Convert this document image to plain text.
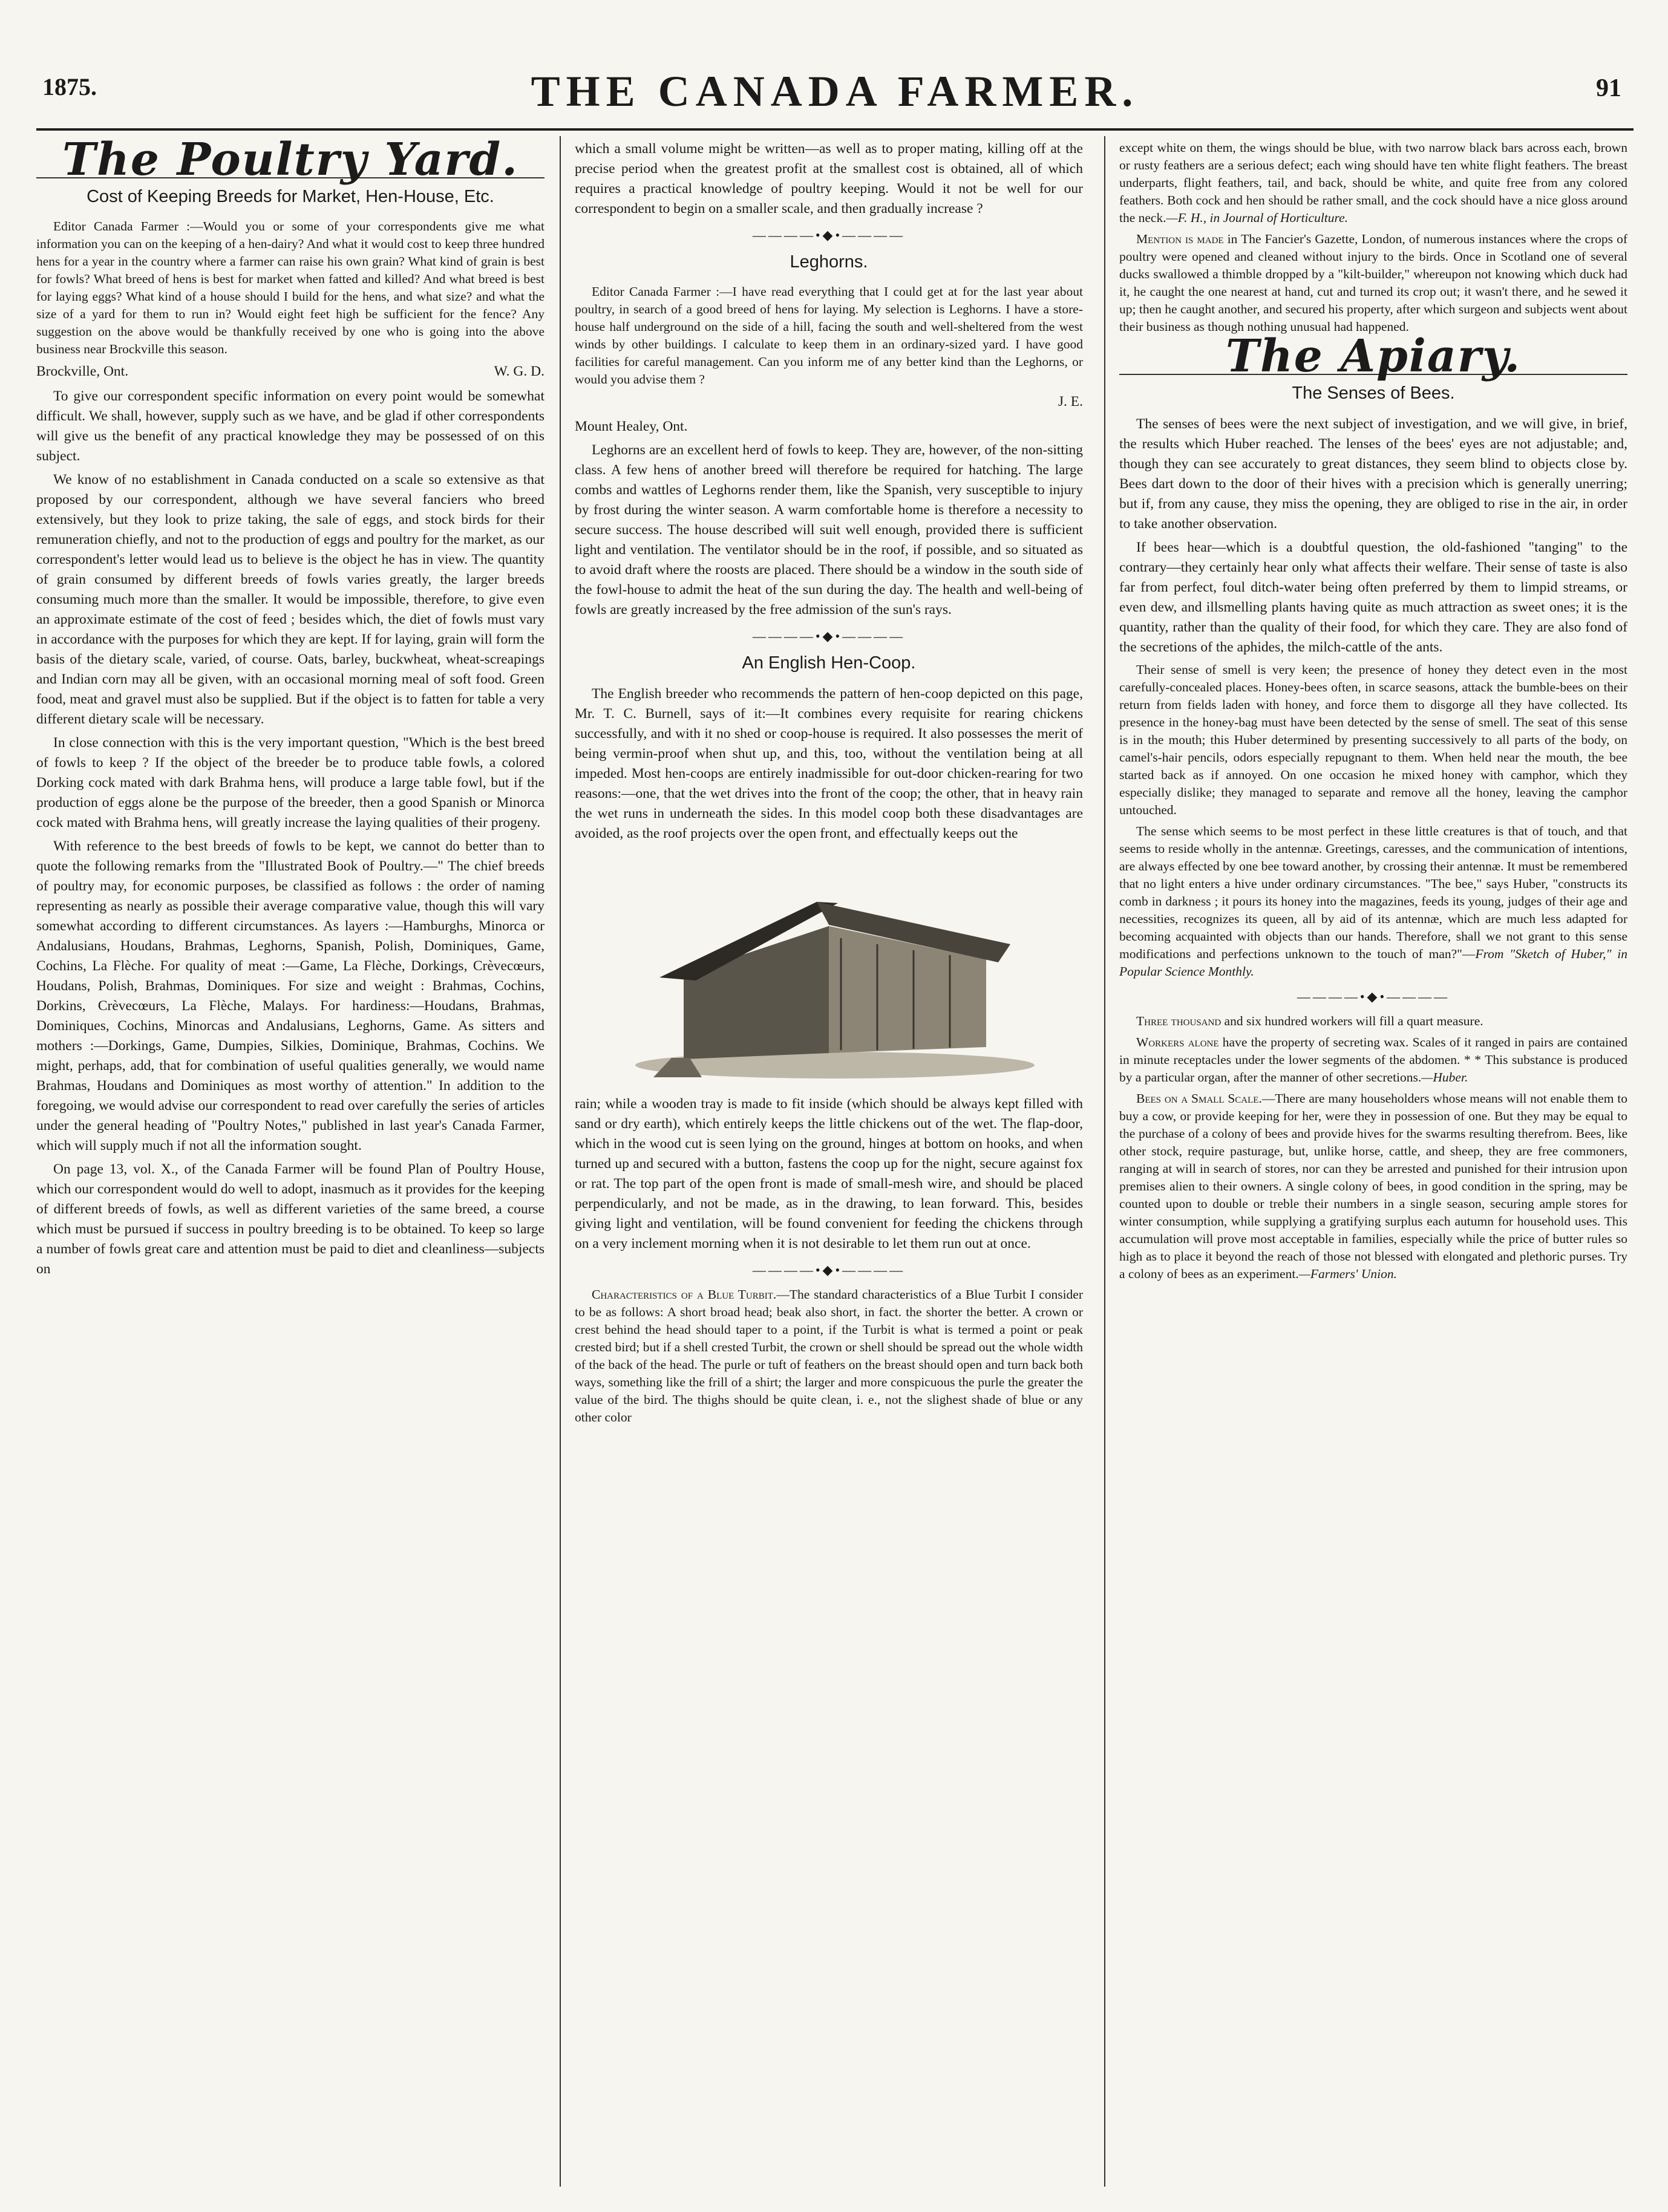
1875.	THE CANADA FARMER.	91
The Poultry Yard.
Cost of Keeping Breeds for Market, Hen-House, Etc.

Editor Canada Farmer :—Would you or some of your correspondents give me what information you can on the keeping of a hen-dairy? And what it would cost to keep three hundred hens for a year in the country where a farmer can raise his own grain? What kind of grain is best for fowls? What breed of hens is best for market when fatted and killed? And what breed is best for laying eggs? What kind of a house should I build for the hens, and what size? and what the size of a yard for them to run in? Would eight feet high be sufficient for the fence? Any suggestion on the above would be thankfully received by one who is going into the above business near Brockville this season.

Brockville, Ont.	W. G. D.

To give our correspondent specific information on every point would be somewhat difficult. We shall, however, supply such as we have, and be glad if other correspondents will give us the benefit of any practical knowledge they may be possessed of on this subject.

We know of no establishment in Canada conducted on a scale so extensive as that proposed by our correspondent, although we have several fanciers who breed extensively, but they look to prize taking, the sale of eggs, and stock birds for their remuneration chiefly, and not to the production of eggs and poultry for the market, as our correspondent's letter would lead us to believe is the object he has in view. The quantity of grain consumed by different breeds of fowls varies greatly, the larger breeds consuming much more than the smaller. It would be impossible, therefore, to give even an approximate estimate of the cost of feed ; besides which, the diet of fowls must vary in accordance with the purposes for which they are kept. If for laying, grain will form the basis of the dietary scale, varied, of course. Oats, barley, buckwheat, wheat-screapings and Indian corn may all be given, with an occasional morning meal of soft food. Green food, meat and gravel must also be supplied. But if the object is to fatten for table a very different dietary scale will be necessary.

In close connection with this is the very important question, "Which is the best breed of fowls to keep ? If the object of the breeder be to produce table fowls, a colored Dorking cock mated with dark Brahma hens, will produce a large table fowl, but if the production of eggs alone be the purpose of the breeder, then a good Spanish or Minorca cock mated with Brahma hens, will greatly increase the laying qualities of their progeny.

With reference to the best breeds of fowls to be kept, we cannot do better than to quote the following remarks from the "Illustrated Book of Poultry.—" The chief breeds of poultry may, for economic purposes, be classified as follows : the order of naming representing as nearly as possible their average comparative value, though this will vary somewhat according to different circumstances. As layers :—Hamburghs, Minorca or Andalusians, Houdans, Brahmas, Leghorns, Spanish, Polish, Dominiques, Game, Cochins, La Flèche. For quality of meat :—Game, La Flèche, Dorkings, Crèvecœurs, Houdans, Polish, Brahmas, Dominiques. For size and weight : Brahmas, Cochins, Dorkins, Crèvecœurs, La Flèche, Malays. For hardiness:—Houdans, Brahmas, Dominiques, Cochins, Minorcas and Andalusians, Leghorns, Game. As sitters and mothers :—Dorkings, Game, Dumpies, Silkies, Dominique, Brahmas, Cochins. We might, perhaps, add, that for combination of useful qualities generally, we would name Brahmas, Houdans and Dominiques as most worthy of attention." In addition to the foregoing, we would advise our correspondent to read over carefully the series of articles under the general heading of "Poultry Notes," published in last year's Canada Farmer, which will supply much if not all the information sought.

On page 13, vol. X., of the Canada Farmer will be found Plan of Poultry House, which our correspondent would do well to adopt, inasmuch as it provides for the keeping of different breeds of fowls, as well as different varieties of the same breed, a course which must be pursued if success in poultry breeding is to be obtained. To keep so large a number of fowls great care and attention must be paid to diet and cleanliness—subjects on

which a small volume might be written—as well as to proper mating, killing off at the precise period when the greatest profit at the smallest cost is obtained, all of which requires a practical knowledge of poultry keeping. Would it not be well for our correspondent to begin on a smaller scale, and then gradually increase ?

————•◆•————
Leghorns.

Editor Canada Farmer :—I have read everything that I could get at for the last year about poultry, in search of a good breed of hens for laying. My selection is Leghorns. I have a store-house half underground on the side of a hill, facing the south and well-sheltered from the west winds by other buildings. I calculate to keep them in an ordinary-sized yard. I have good facilities for careful management. Can you inform me of any better kind than the Leghorns, or would you advise them ?

J. E.

Mount Healey, Ont.

Leghorns are an excellent herd of fowls to keep. They are, however, of the non-sitting class. A few hens of another breed will therefore be required for hatching. The large combs and wattles of Leghorns render them, like the Spanish, very susceptible to injury by frost during the winter season. A warm comfortable home is therefore a necessity to secure success. The house described will suit well enough, provided there is sufficient light and ventilation. The ventilator should be in the roof, if possible, and so situated as to avoid draft where the roosts are placed. There should be a window in the south side of the fowl-house to admit the heat of the sun during the day. The health and well-being of fowls are greatly increased by the free admission of the sun's rays.

————•◆•————
An English Hen-Coop.

The English breeder who recommends the pattern of hen-coop depicted on this page, Mr. T. C. Burnell, says of it:—It combines every requisite for rearing chickens successfully, and with it no shed or coop-house is required. It also possesses the merit of being vermin-proof when shut up, and this, too, without the ventilation being at all impeded. Most hen-coops are entirely inadmissible for out-door chicken-rearing for two reasons:—one, that the wet drives into the front of the coop; the other, that in heavy rain the wet runs in underneath the sides. In this model coop both these disadvantages are avoided, as the roof projects over the open front, and effectually keeps out the

rain; while a wooden tray is made to fit inside (which should be always kept filled with sand or dry earth), which entirely keeps the little chickens out of the wet. The flap-door, which in the wood cut is seen lying on the ground, hinges at bottom on hooks, and when turned up and secured with a button, fastens the coop up for the night, secure against fox or rat. The top part of the open front is made of small-mesh wire, and should be placed perpendicularly, and not be made, as in the drawing, to lean forward. This, besides giving light and ventilation, will be found convenient for feeding the chickens through on a very inclement morning when it is not desirable to let them run out at once.

————•◆•————

Characteristics of a Blue Turbit.—The standard characteristics of a Blue Turbit I consider to be as follows: A short broad head; beak also short, in fact. the shorter the better. A crown or crest behind the head should taper to a point, if the Turbit is what is termed a point or peak crested bird; but if a shell crested Turbit, the crown or shell should be spread out the whole width of the back of the head. The purle or tuft of feathers on the breast should open and turn back both ways, something like the frill of a shirt; the larger and more conspicuous the purle the greater the value of the bird. The thighs should be quite clean, i. e., not the slighest shade of blue or any other color

except white on them, the wings should be blue, with two narrow black bars across each, brown or rusty feathers are a serious defect; each wing should have ten white flight feathers. The breast underparts, flight feathers, tail, and back, should be white, and quite free from any colored feathers. Both cock and hen should be rather small, and the cock should have a nice gloss around the neck.—F. H., in Journal of Horticulture.

Mention is made in The Fancier's Gazette, London, of numerous instances where the crops of poultry were opened and cleaned without injury to the birds. Once in Scotland one of several ducks swallowed a thimble dropped by a "kilt-builder," whereupon not knowing which duck had it, he caught the one nearest at hand, cut and turned its crop out; it wasn't there, and he sewed it up; then he caught another, and secured his property, after which surgeon and subjects went about their business as though nothing unusual had happened.

The Apiary.
The Senses of Bees.

The senses of bees were the next subject of investigation, and we will give, in brief, the results which Huber reached. The lenses of the bees' eyes are not adjustable; and, though they can see accurately to great distances, they seem blind to objects close by. Bees dart down to the door of their hives with a precision which is generally unerring; but if, from any cause, they miss the opening, they are obliged to rise in the air, in order to take another observation.

If bees hear—which is a doubtful question, the old-fashioned "tanging" to the contrary—they certainly hear only what affects their welfare. Their sense of taste is also far from perfect, foul ditch-water being often preferred by them to limpid streams, or even dew, and illsmelling plants having quite as much attraction as sweet ones; it is the quantity, rather than the quality of their food, for which they care. They are also fond of the secretions of the aphides, the milch-cattle of the ants.

Their sense of smell is very keen; the presence of honey they detect even in the most carefully-concealed places. Honey-bees often, in scarce seasons, attack the bumble-bees on their return from fields laden with honey, and force them to disgorge all they have collected. Its presence in the honey-bag must have been detected by the sense of smell. The seat of this sense is in the mouth; this Huber determined by presenting successively to all parts of the body, on camel's-hair pencils, odors especially repugnant to them. When held near the mouth, the bee started back as if annoyed. On one occasion he mixed honey with camphor, which they especially dislike; they managed to separate and remove all the honey, leaving the camphor untouched.

The sense which seems to be most perfect in these little creatures is that of touch, and that seems to reside wholly in the antennæ. Greetings, caresses, and the communication of intentions, are always effected by one bee toward another, by crossing their antennæ. It must be remembered that no light enters a hive under ordinary circumstances. "The bee," says Huber, "constructs its comb in darkness ; it pours its honey into the magazines, feeds its young, judges of their age and necessities, recognizes its queen, all by aid of its antennæ, which are much less adapted for becoming acquainted with objects than our hands. Therefore, shall we not grant to this sense modifications and perfections unknown to the touch of man?"—From "Sketch of Huber," in Popular Science Monthly.

————•◆•————

Three thousand and six hundred workers will fill a quart measure.

Workers alone have the property of secreting wax. Scales of it ranged in pairs are contained in minute receptacles under the lower segments of the abdomen. * * This substance is produced by a particular organ, after the manner of other secretions.—Huber.

Bees on a Small Scale.—There are many householders whose means will not enable them to buy a cow, or provide keeping for her, were they in possession of one. But they may be equal to the purchase of a colony of bees and provide hives for the swarms resulting therefrom. Bees, like other stock, require pasturage, but, unlike horse, cattle, and sheep, they are free commoners, ranging at will in search of stores, nor can they be arrested and punished for their intrusion upon premises alien to their owners. A single colony of bees, in good condition in the spring, may be counted upon to double or treble their numbers in a single season, securing ample stores for winter consumption, while supplying a gratifying surplus each autumn for household uses. This accumulation will prove most acceptable in families, especially while the price of butter rules so high as to place it beyond the reach of those not blessed with elongated and plethoric purses. Try a colony of bees as an experiment.—Farmers' Union.
